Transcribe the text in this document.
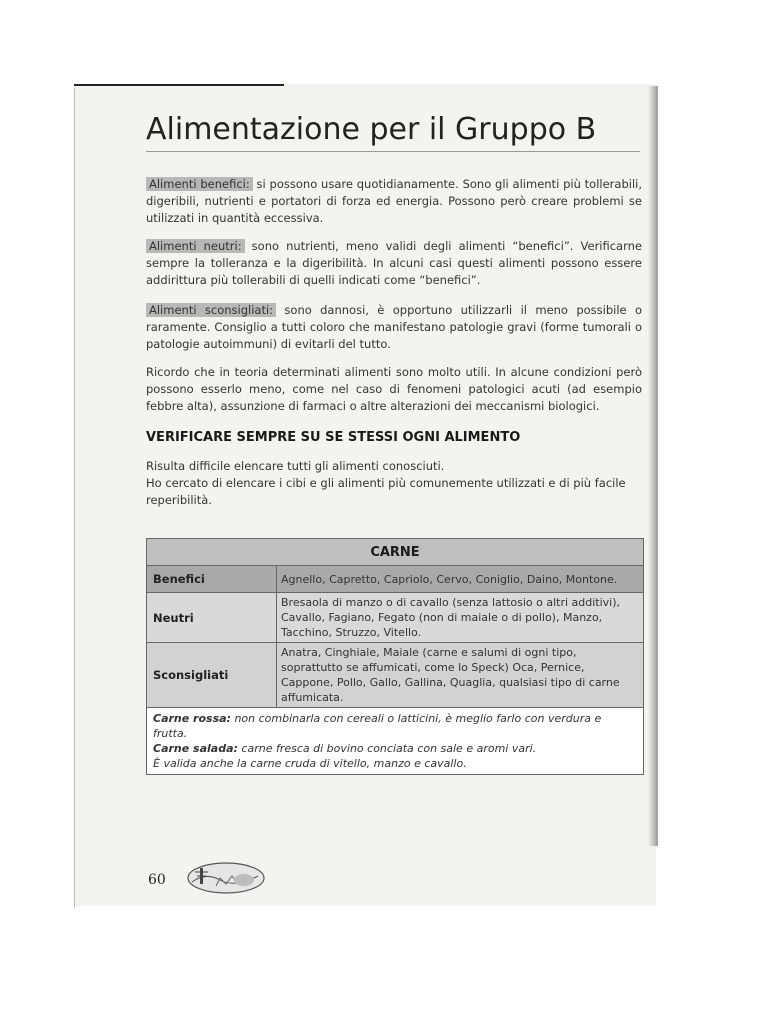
Alimentazione per il Gruppo B

Alimenti benefici: si possono usare quotidianamente. Sono gli alimenti più tollerabili, digeribili, nutrienti e portatori di forza ed energia. Possono però creare problemi se utilizzati in quantità eccessiva.

Alimenti neutri: sono nutrienti, meno validi degli alimenti “benefici”. Verificarne sempre la tolleranza e la digeribilità. In alcuni casi questi alimenti possono essere addirittura più tollerabili di quelli indicati come “benefici”.

Alimenti sconsigliati: sono dannosi, è opportuno utilizzarli il meno possibile o raramente. Consiglio a tutti coloro che manifestano patologie gravi (forme tumorali o patologie autoimmuni) di evitarli del tutto.

Ricordo che in teoria determinati alimenti sono molto utili. In alcune condizioni però possono esserlo meno, come nel caso di fenomeni patologici acuti (ad esempio febbre alta), assunzione di farmaci o altre alterazioni dei meccanismi biologici.

VERIFICARE SEMPRE SU SE STESSI OGNI ALIMENTO

Risulta difficile elencare tutti gli alimenti conosciuti.
Ho cercato di elencare i cibi e gli alimenti più comunemente utilizzati e di più facile reperibilità.

CARNE	
Benefici	Agnello, Capretto, Capriolo, Cervo, Coniglio, Daino, Montone.
Neutri	Bresaola di manzo o di cavallo (senza lattosio o altri additivi), Cavallo, Fagiano, Fegato (non di maiale o di pollo), Manzo, Tacchino, Struzzo, Vitello.
Sconsigliati	Anatra, Cinghiale, Maiale (carne e salumi di ogni tipo, soprattutto se affumicati, come lo Speck) Oca, Pernice, Cappone, Pollo, Gallo, Gallina, Quaglia, qualsiasi tipo di carne affumicata.
Carne rossa: non combinarla con cereali o latticini, è meglio farlo con verdura e frutta.
Carne salada: carne fresca di bovino conciata con sale e aromi vari.
È valida anche la carne cruda di vitello, manzo e cavallo.	
60
